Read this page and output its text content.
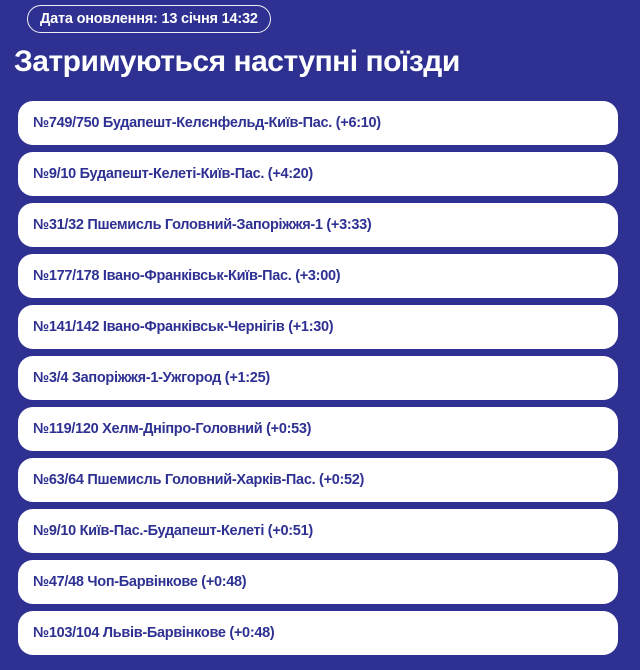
Дата оновлення: 13 січня 14:32
Затримуються наступні поїзди
№749/750 Будапешт-Келєнфельд-Київ-Пас. (+6:10)
№9/10 Будапешт-Келеті-Київ-Пас. (+4:20)
№31/32 Пшемисль Головний-Запоріжжя-1 (+3:33)
№177/178 Івано-Франківськ-Київ-Пас. (+3:00)
№141/142 Івано-Франківськ-Чернігів (+1:30)
№3/4 Запоріжжя-1-Ужгород (+1:25)
№119/120 Хелм-Дніпро-Головний (+0:53)
№63/64 Пшемисль Головний-Харків-Пас. (+0:52)
№9/10 Київ-Пас.-Будапешт-Келеті (+0:51)
№47/48 Чоп-Барвінкове (+0:48)
№103/104 Львів-Барвінкове (+0:48)
